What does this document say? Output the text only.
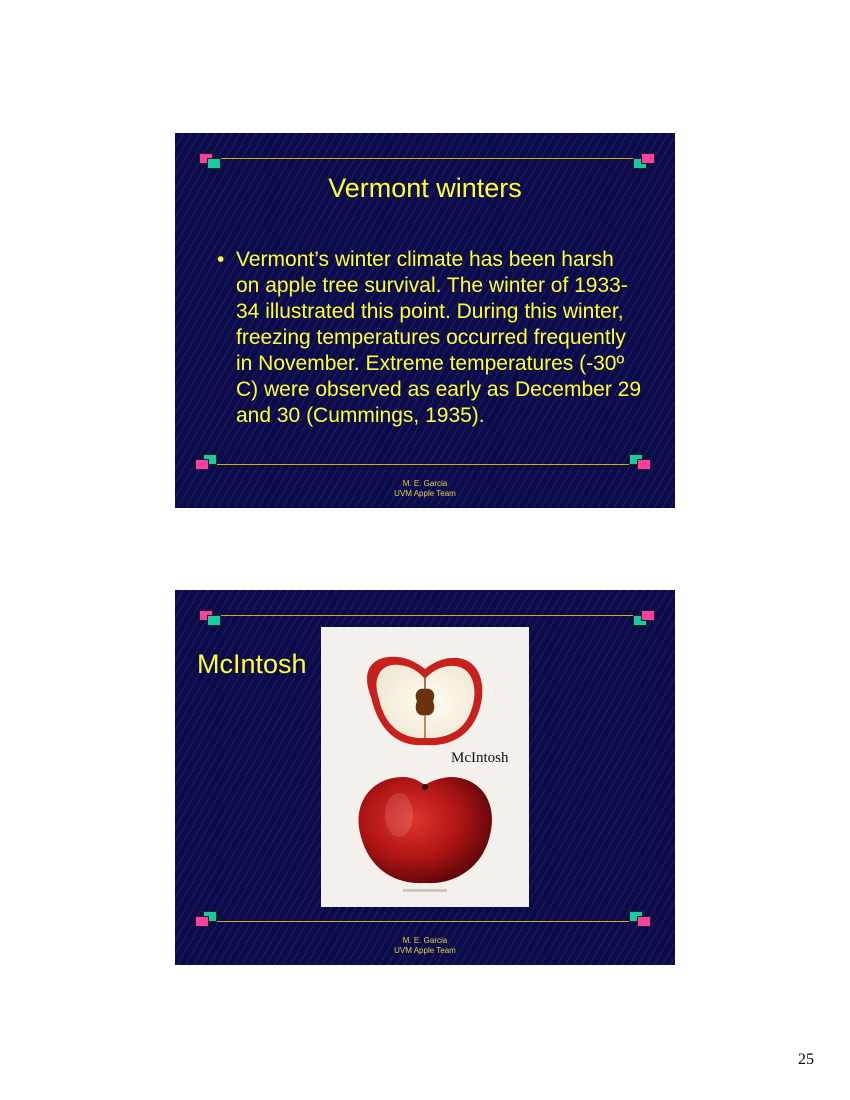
Vermont winters
• Vermont’s winter climate has been harsh on apple tree survival. The winter of 1933-34 illustrated this point. During this winter, freezing temperatures occurred frequently in November. Extreme temperatures (-30º C) were observed as early as December 29 and 30 (Cummings, 1935).
M. E. Garcia
UVM Apple Team
McIntosh
McIntosh
M. E. Garcia
UVM Apple Team
25
